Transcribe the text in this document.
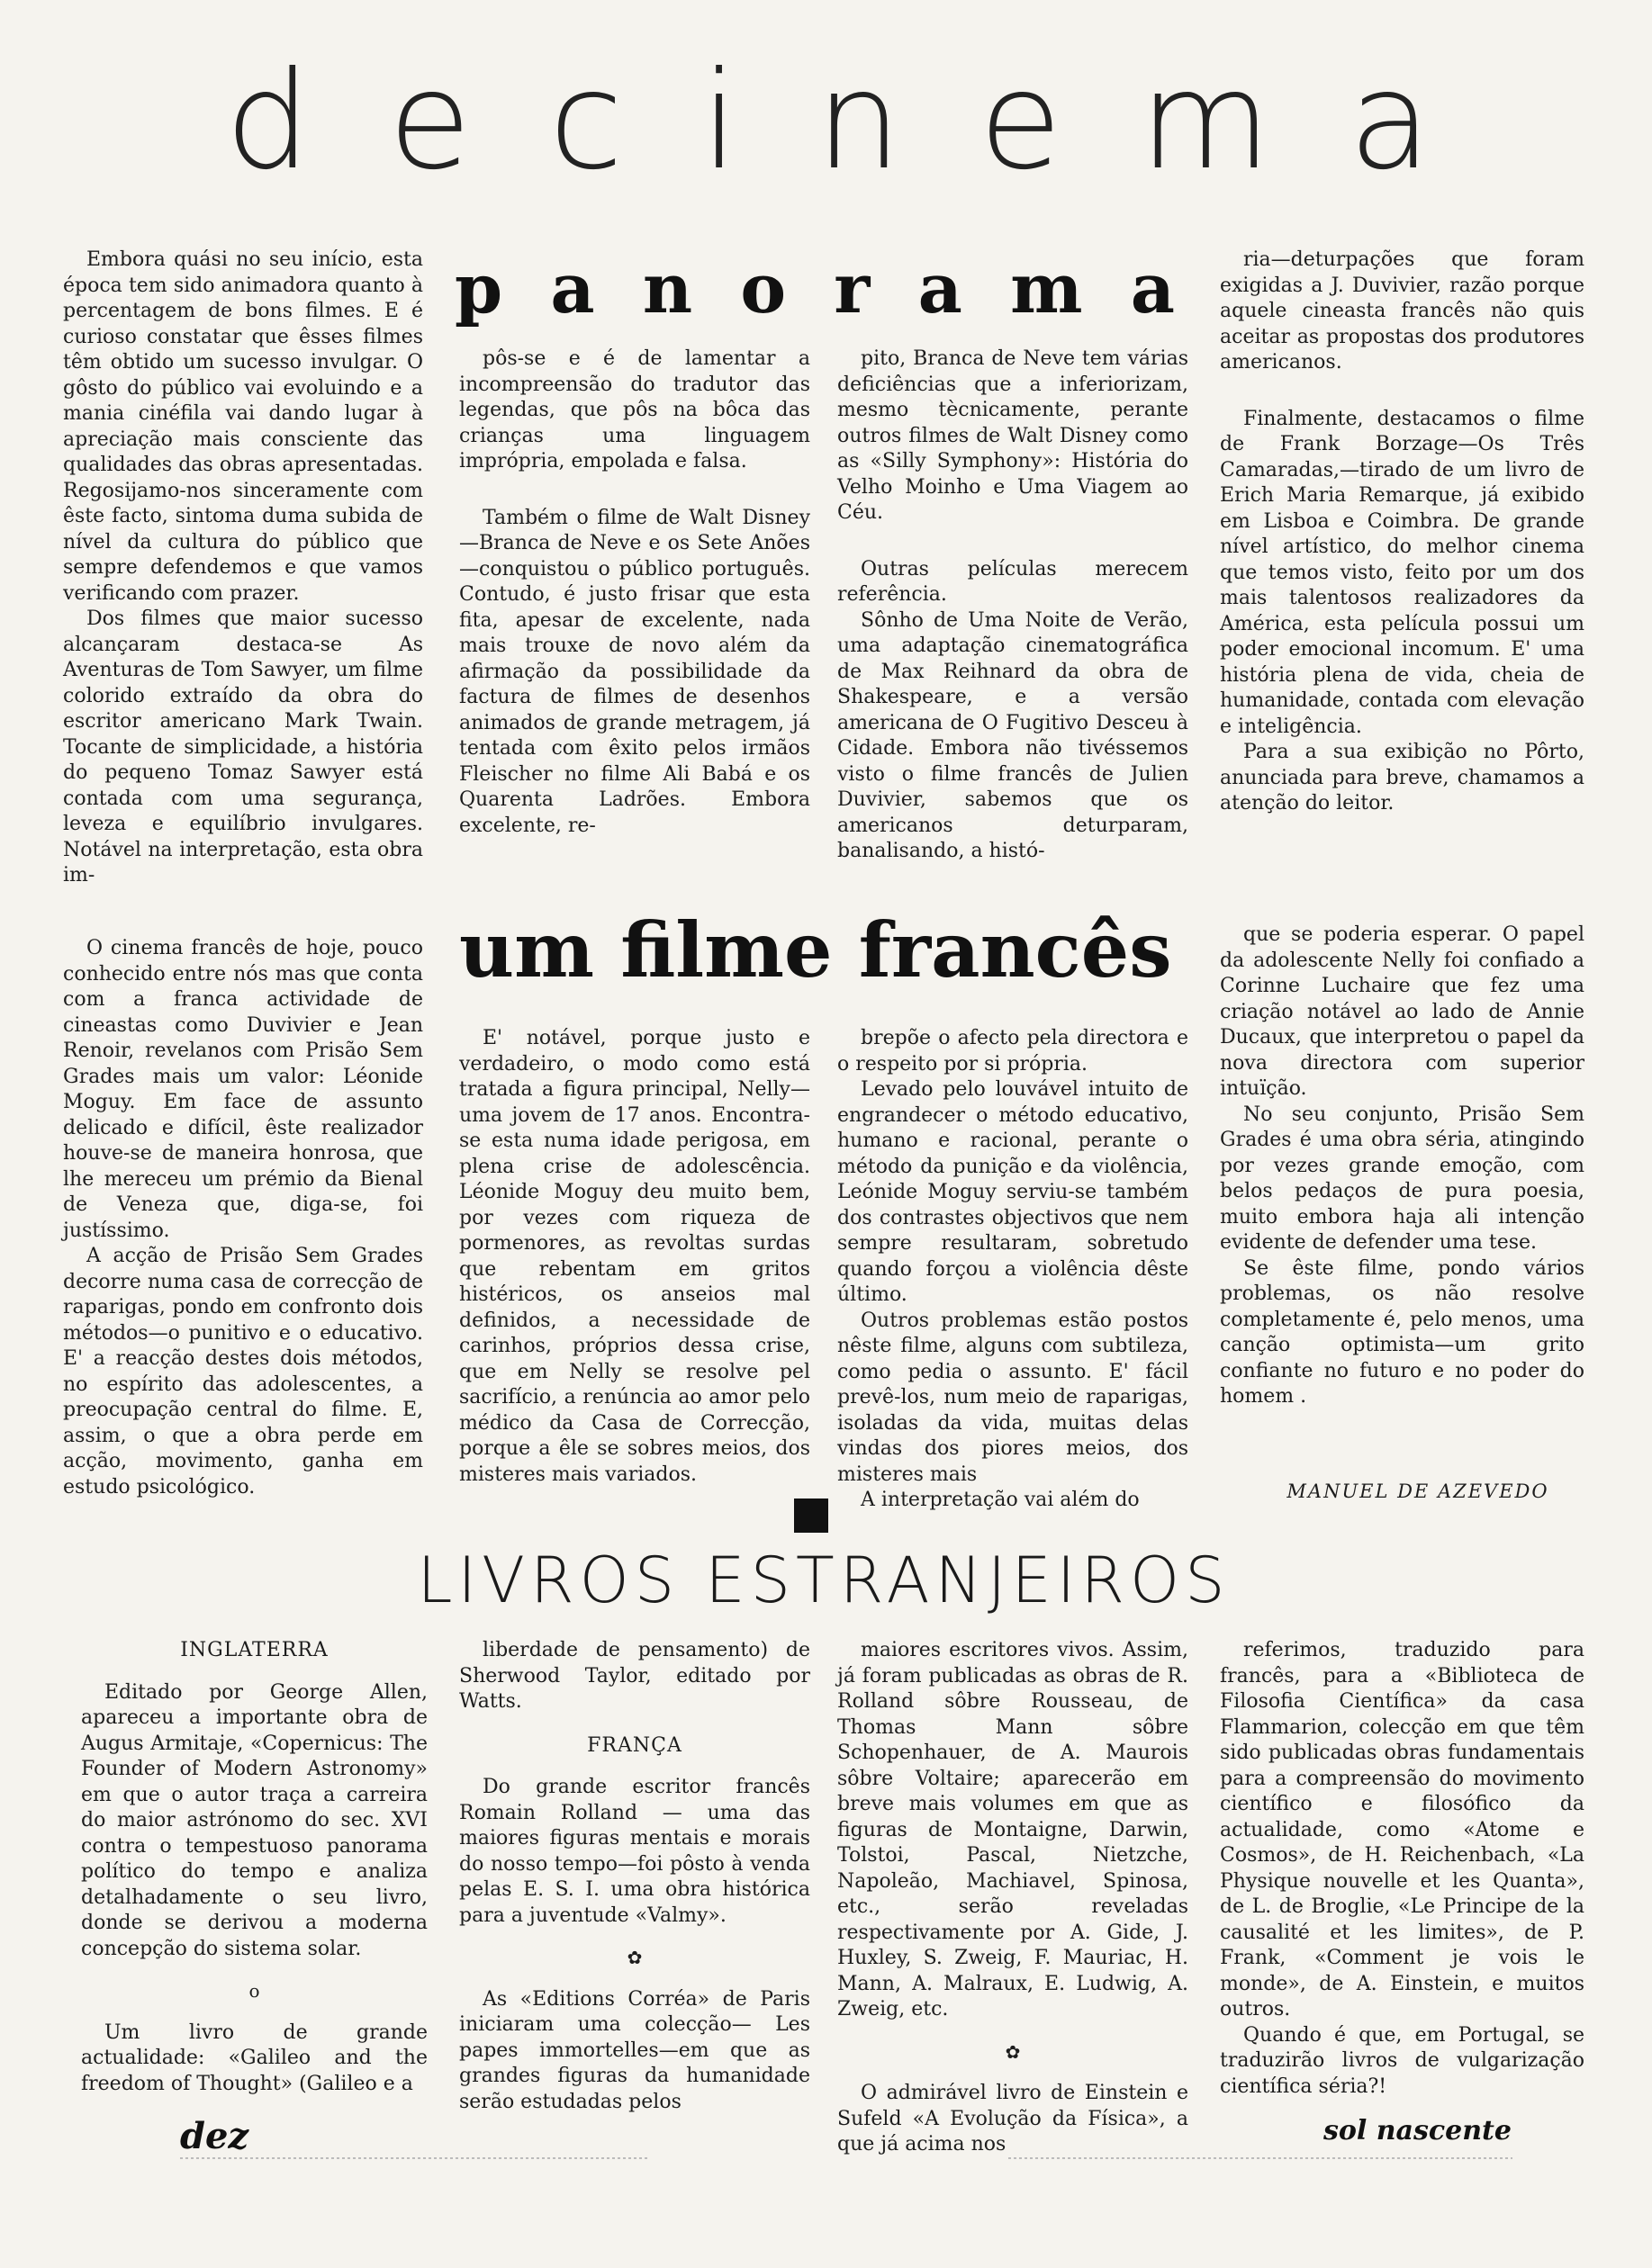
d e c i n e m a
p a n o r a m a

Embora quási no seu início, esta época tem sido animadora quanto à percentagem de bons filmes. E é curioso constatar que êsses filmes têm obtido um sucesso invulgar. O gôsto do público vai evoluindo e a mania cinéfila vai dando lugar à apreciação mais consciente das qualidades das obras apresentadas. Regosijamo-nos sinceramente com êste facto, sintoma duma subida de nível da cultura do público que sempre defendemos e que vamos verificando com prazer.

Dos filmes que maior sucesso alcançaram destaca-se As Aventuras de Tom Sawyer, um filme colorido extraído da obra do escritor americano Mark Twain. Tocante de simplicidade, a história do pequeno Tomaz Sawyer está contada com uma segurança, leveza e equilíbrio invulgares. Notável na interpretação, esta obra im-

pôs-se e é de lamentar a incompreensão do tradutor das legendas, que pôs na bôca das crianças uma linguagem imprópria, empolada e falsa.

Também o filme de Walt Disney—Branca de Neve e os Sete Anões—conquistou o público português. Contudo, é justo frisar que esta fita, apesar de excelente, nada mais trouxe de novo além da afirmação da possibilidade da factura de filmes de desenhos animados de grande metragem, já tentada com êxito pelos irmãos Fleischer no filme Ali Babá e os Quarenta Ladrões. Embora excelente, re-

pito, Branca de Neve tem várias deficiências que a inferiorizam, mesmo tècnicamente, perante outros filmes de Walt Disney como as «Silly Symphony»: História do Velho Moinho e Uma Viagem ao Céu.

Outras películas merecem referência.

Sônho de Uma Noite de Verão, uma adaptação cinematográfica de Max Reihnard da obra de Shakespeare, e a versão americana de O Fugitivo Desceu à Cidade. Embora não tivéssemos visto o filme francês de Julien Duvivier, sabemos que os americanos deturparam, banalisando, a histó-

ria—deturpações que foram exigidas a J. Duvivier, razão porque aquele cineasta francês não quis aceitar as propostas dos produtores americanos.

Finalmente, destacamos o filme de Frank Borzage—Os Três Camaradas,—tirado de um livro de Erich Maria Remarque, já exibido em Lisboa e Coimbra. De grande nível artístico, do melhor cinema que temos visto, feito por um dos mais talentosos realizadores da América, esta película possui um poder emocional incomum. E' uma história plena de vida, cheia de humanidade, contada com elevação e inteligência.

Para a sua exibição no Pôrto, anunciada para breve, chamamos a atenção do leitor.

um filme francês

O cinema francês de hoje, pouco conhecido entre nós mas que conta com a franca actividade de cineastas como Duvivier e Jean Renoir, revelanos com Prisão Sem Grades mais um valor: Léonide Moguy. Em face de assunto delicado e difícil, êste realizador houve-se de maneira honrosa, que lhe mereceu um prémio da Bienal de Veneza que, diga-se, foi justíssimo.

A acção de Prisão Sem Grades decorre numa casa de correcção de raparigas, pondo em confronto dois métodos—o punitivo e o educativo. E' a reacção destes dois métodos, no espírito das adolescentes, a preocupação central do filme. E, assim, o que a obra perde em acção, movimento, ganha em estudo psicológico.

E' notável, porque justo e verdadeiro, o modo como está tratada a figura principal, Nelly—uma jovem de 17 anos. Encontra-se esta numa idade perigosa, em plena crise de adolescência. Léonide Moguy deu muito bem, por vezes com riqueza de pormenores, as revoltas surdas que rebentam em gritos histéricos, os anseios mal definidos, a necessidade de carinhos, próprios dessa crise, que em Nelly se resolve pel sacrifício, a renúncia ao amor pelo médico da Casa de Correcção, porque a êle se sobres meios, dos misteres mais variados.

brepõe o afecto pela directora e o respeito por si própria.

Levado pelo louvável intuito de engrandecer o método educativo, humano e racional, perante o método da punição e da violência, Leónide Moguy serviu-se também dos contrastes objectivos que nem sempre resultaram, sobretudo quando forçou a violência dêste último.

Outros problemas estão postos nêste filme, alguns com subtileza, como pedia o assunto. E' fácil prevê-los, num meio de raparigas, isoladas da vida, muitas delas vindas dos piores meios, dos misteres mais

A interpretação vai além do

que se poderia esperar. O papel da adolescente Nelly foi confiado a Corinne Luchaire que fez uma criação notável ao lado de Annie Ducaux, que interpretou o papel da nova directora com superior intuïção.

No seu conjunto, Prisão Sem Grades é uma obra séria, atingindo por vezes grande emoção, com belos pedaços de pura poesia, muito embora haja ali intenção evidente de defender uma tese.

Se êste filme, pondo vários problemas, os não resolve completamente é, pelo menos, uma canção optimista—um grito confiante no futuro e no poder do homem .

MANUEL DE AZEVEDO
LIVROS ESTRANJEIROS

INGLATERRA

Editado por George Allen, apareceu a importante obra de Augus Armitaje, «Copernicus: The Founder of Modern Astronomy» em que o autor traça a carreira do maior astrónomo do sec. XVI contra o tempestuoso panorama político do tempo e analiza detalhadamente o seu livro, donde se derivou a moderna concepção do sistema solar.

o

Um livro de grande actualidade: «Galileo and the freedom of Thought» (Galileo e a

liberdade de pensamento) de Sherwood Taylor, editado por Watts.

FRANÇA

Do grande escritor francês Romain Rolland — uma das maiores figuras mentais e morais do nosso tempo—foi pôsto à venda pelas E. S. I. uma obra histórica para a juventude «Valmy».

✿

As «Editions Corréa» de Paris iniciaram uma colecção— Les papes immortelles—em que as grandes figuras da humanidade serão estudadas pelos

maiores escritores vivos. Assim, já foram publicadas as obras de R. Rolland sôbre Rousseau, de Thomas Mann sôbre Schopenhauer, de A. Maurois sôbre Voltaire; aparecerão em breve mais volumes em que as figuras de Montaigne, Darwin, Tolstoi, Pascal, Nietzche, Napoleão, Machiavel, Spinosa, etc., serão reveladas respectivamente por A. Gide, J. Huxley, S. Zweig, F. Mauriac, H. Mann, A. Malraux, E. Ludwig, A. Zweig, etc.

✿

O admirável livro de Einstein e Sufeld «A Evolução da Física», a que já acima nos

referimos, traduzido para francês, para a «Biblioteca de Filosofia Científica» da casa Flammarion, colecção em que têm sido publicadas obras fundamentais para a compreensão do movimento científico e filosófico da actualidade, como «Atome e Cosmos», de H. Reichenbach, «La Physique nouvelle et les Quanta», de L. de Broglie, «Le Principe de la causalité et les limites», de P. Frank, «Comment je vois le monde», de A. Einstein, e muitos outros.

Quando é que, em Portugal, se traduzirão livros de vulgarização científica séria?!

dez	sol nascente
